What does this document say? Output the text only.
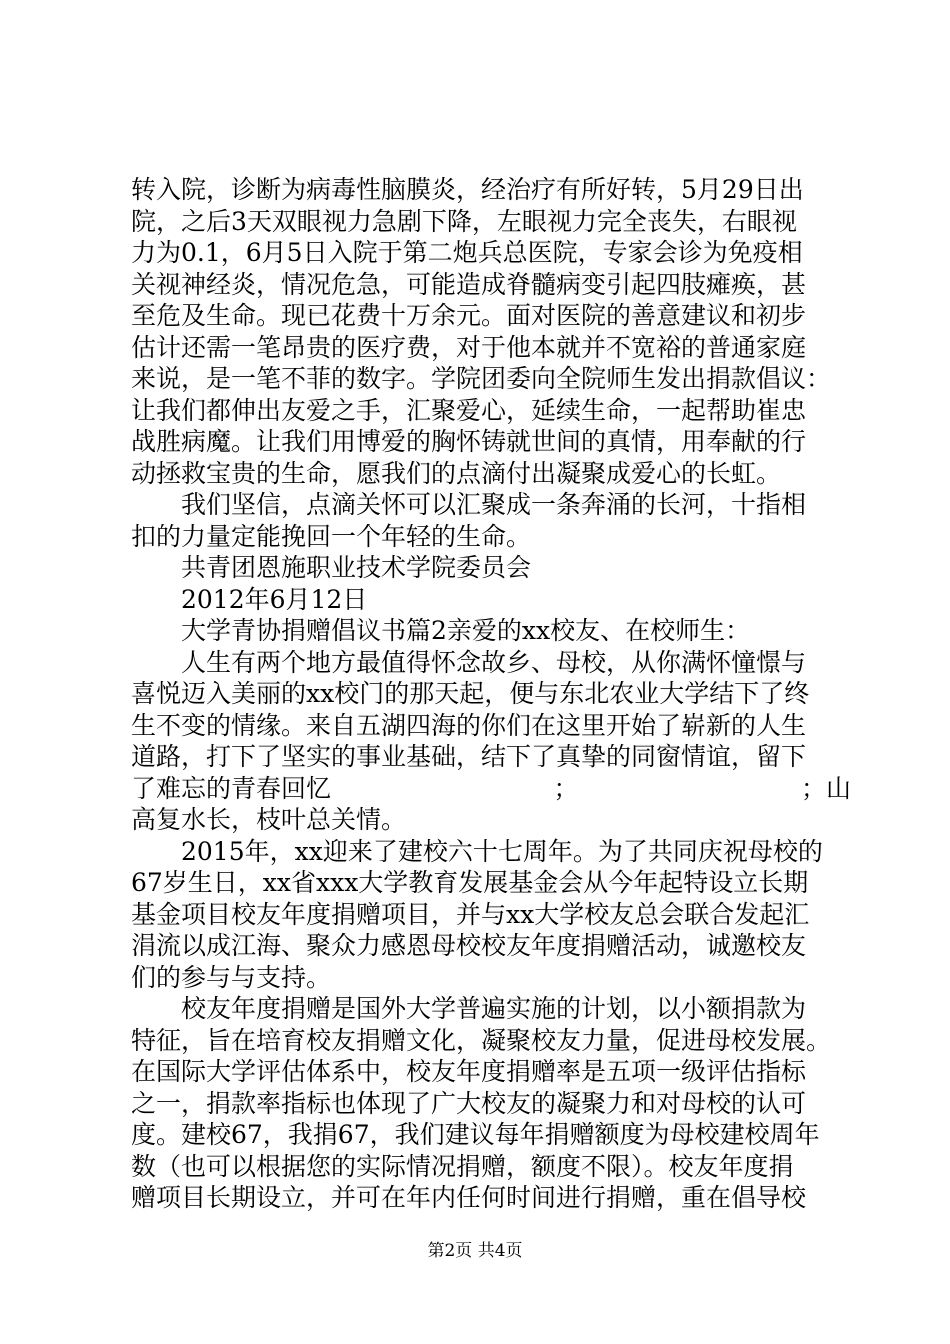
转入院，诊断为病毒性脑膜炎，经治疗有所好转，5月29日出
院，之后3天双眼视力急剧下降，左眼视力完全丧失，右眼视
力为0.1，6月5日入院于第二炮兵总医院，专家会诊为免疫相
关视神经炎，情况危急，可能造成脊髓病变引起四肢瘫痪，甚
至危及生命。现已花费十万余元。面对医院的善意建议和初步
估计还需一笔昂贵的医疗费，对于他本就并不宽裕的普通家庭
来说，是一笔不菲的数字。学院团委向全院师生发出捐款倡议：
让我们都伸出友爱之手，汇聚爱心，延续生命，一起帮助崔忠
战胜病魔。让我们用博爱的胸怀铸就世间的真情，用奉献的行
动拯救宝贵的生命，愿我们的点滴付出凝聚成爱心的长虹。
我们坚信，点滴关怀可以汇聚成一条奔涌的长河，十指相
扣的力量定能挽回一个年轻的生命。
共青团恩施职业技术学院委员会
2012年6月12日
大学青协捐赠倡议书篇2亲爱的xx校友、在校师生：
人生有两个地方最值得怀念故乡、母校，从你满怀憧憬与
喜悦迈入美丽的xx校门的那天起，便与东北农业大学结下了终
生不变的情缘。来自五湖四海的你们在这里开始了崭新的人生
道路，打下了坚实的事业基础，结下了真挚的同窗情谊，留下
了难忘的青春回忆	；	；山
高复水长，枝叶总关情。
2015年，xx迎来了建校六十七周年。为了共同庆祝母校的
67岁生日，xx省xxx大学教育发展基金会从今年起特设立长期
基金项目校友年度捐赠项目，并与xx大学校友总会联合发起汇
涓流以成江海、聚众力感恩母校校友年度捐赠活动，诚邀校友
们的参与与支持。
校友年度捐赠是国外大学普遍实施的计划，以小额捐款为
特征，旨在培育校友捐赠文化，凝聚校友力量，促进母校发展。
在国际大学评估体系中，校友年度捐赠率是五项一级评估指标
之一，捐款率指标也体现了广大校友的凝聚力和对母校的认可
度。建校67，我捐67，我们建议每年捐赠额度为母校建校周年
数（也可以根据您的实际情况捐赠，额度不限）。校友年度捐
赠项目长期设立，并可在年内任何时间进行捐赠，重在倡导校
第2页 共4页
